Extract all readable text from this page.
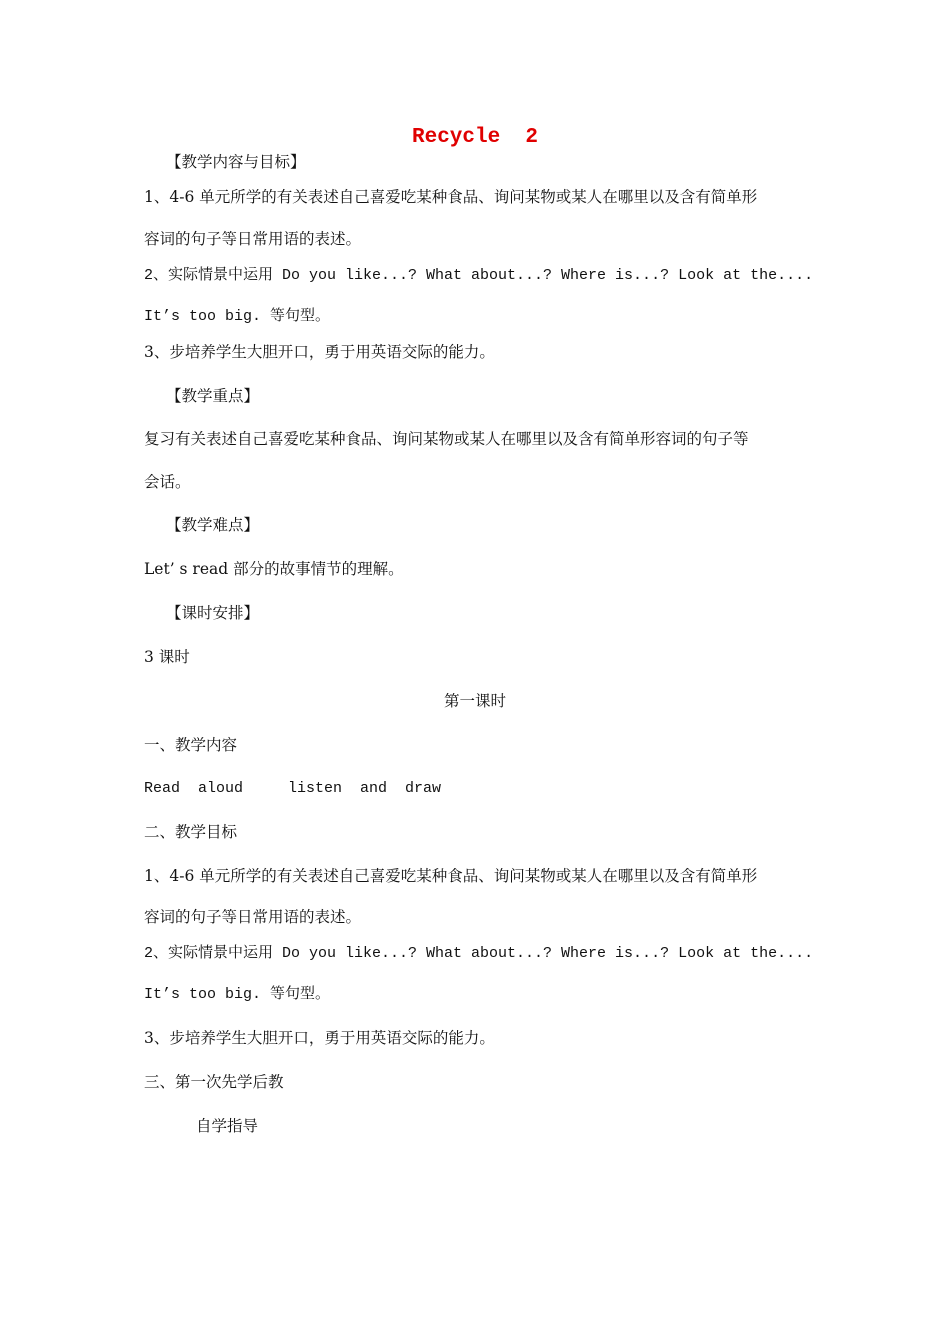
Recycle  2
【教学内容与目标】
1、4-6 单元所学的有关表述自己喜爱吃某种食品、询问某物或某人在哪里以及含有简单形
容词的句子等日常用语的表述。
2、实际情景中运用 Do you like...? What about...? Where is...? Look at the....
It’s too big. 等句型。
3、步培养学生大胆开口，勇于用英语交际的能力。
【教学重点】
复习有关表述自己喜爱吃某种食品、询问某物或某人在哪里以及含有简单形容词的句子等
会话。
【教学难点】
Let’ s read 部分的故事情节的理解。
【课时安排】
3 课时
第一课时
一、教学内容
Read  aloud     listen  and  draw
二、教学目标
1、4-6 单元所学的有关表述自己喜爱吃某种食品、询问某物或某人在哪里以及含有简单形
容词的句子等日常用语的表述。
2、实际情景中运用 Do you like...? What about...? Where is...? Look at the....
It’s too big. 等句型。
3、步培养学生大胆开口，勇于用英语交际的能力。
三、第一次先学后教
自学指导
